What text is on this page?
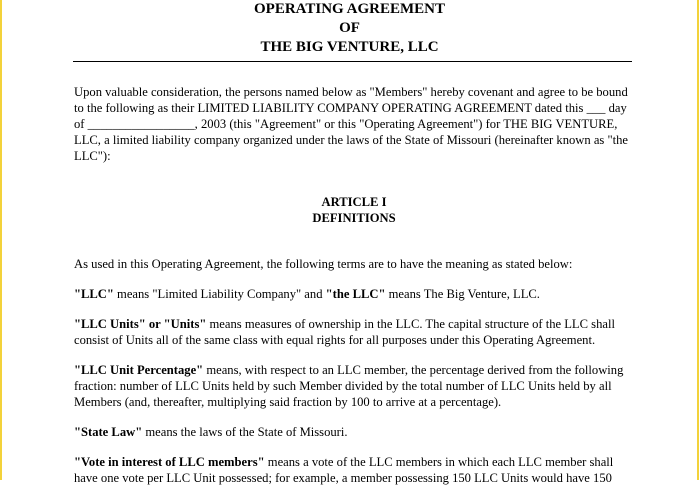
OPERATING AGREEMENT
OF
THE BIG VENTURE, LLC

Upon valuable consideration, the persons named below as "Members" hereby covenant and agree to be bound
to the following as their LIMITED LIABILITY COMPANY OPERATING AGREEMENT dated this ___ day
of _________________, 2003 (this "Agreement" or this "Operating Agreement") for THE BIG VENTURE,
LLC, a limited liability company organized under the laws of the State of Missouri (hereinafter known as "the
LLC"):

ARTICLE I
DEFINITIONS

As used in this Operating Agreement, the following terms are to have the meaning as stated below:

"LLC" means "Limited Liability Company" and "the LLC" means The Big Venture, LLC.

"LLC Units" or "Units" means measures of ownership in the LLC. The capital structure of the LLC shall
consist of Units all of the same class with equal rights for all purposes under this Operating Agreement.

"LLC Unit Percentage" means, with respect to an LLC member, the percentage derived from the following
fraction: number of LLC Units held by such Member divided by the total number of LLC Units held by all
Members (and, thereafter, multiplying said fraction by 100 to arrive at a percentage).

"State Law" means the laws of the State of Missouri.

"Vote in interest of LLC members" means a vote of the LLC members in which each LLC member shall
have one vote per LLC Unit possessed; for example, a member possessing 150 LLC Units would have 150
